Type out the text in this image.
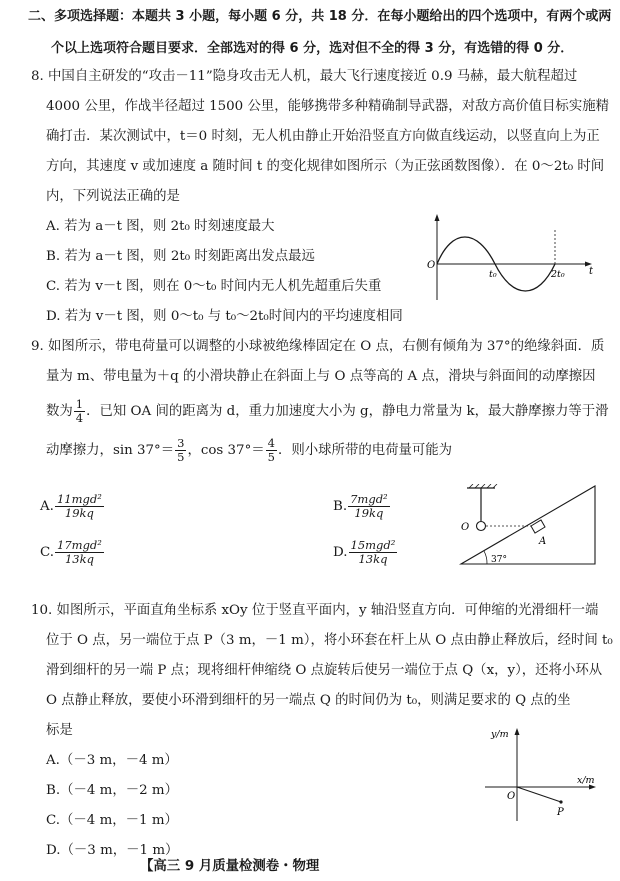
二、多项选择题：本题共 3 小题，每小题 6 分，共 18 分．在每小题给出的四个选项中，有两个或两
个以上选项符合题目要求．全部选对的得 6 分，选对但不全的得 3 分，有选错的得 0 分．
8. 中国自主研发的“攻击－11”隐身攻击无人机，最大飞行速度接近 0.9 马赫，最大航程超过
4000 公里，作战半径超过 1500 公里，能够携带多种精确制导武器，对敌方高价值目标实施精
确打击．某次测试中，t＝0 时刻，无人机由静止开始沿竖直方向做直线运动，以竖直向上为正
方向，其速度 v 或加速度 a 随时间 t 的变化规律如图所示（为正弦函数图像）．在 0～2t₀ 时间
内，下列说法正确的是
A. 若为 a－t 图，则 2t₀ 时刻速度最大
B. 若为 a－t 图，则 2t₀ 时刻距离出发点最远
C. 若为 v－t 图，则在 0～t₀ 时间内无人机先超重后失重
D. 若为 v－t 图，则 0～t₀ 与 t₀～2t₀时间内的平均速度相同
O
t₀	2t₀ t
9. 如图所示，带电荷量可以调整的小球被绝缘棒固定在 O 点，右侧有倾角为 37°的绝缘斜面．质
量为 m、带电量为＋q 的小滑块静止在斜面上与 O 点等高的 A 点，滑块与斜面间的动摩擦因
数为 $\frac{1}{4}$ ．已知 OA 间的距离为 d，重力加速度大小为 g，静电力常量为 k，最大静摩擦力等于滑
动摩擦力，$\sin 37^\circ= \frac{3}{5}$ ，$\cos 37^\circ= \frac{4}{5}$ ．则小球所带的电荷量可能为
A. $\frac{\text{11mgd²}}{19kq}$	B. $\frac{\text{7mgd²}}{19kq}$
C. $\frac{\text{17mgd²}}{13kq}$	D. $\frac{\text{15mgd²}}{13kq}$
O
A
37°
10. 如图所示，平面直角坐标系 xOy 位于竖直平面内，y 轴沿竖直方向．可伸缩的光滑细杆一端
位于 O 点，另一端位于点 P（3 m，－1 m），将小环套在杆上从 O 点由静止释放后，经时间 t₀
滑到细杆的另一端 P 点；现将细杆伸缩绕 O 点旋转后使另一端位于点 Q（x，y），还将小环从
O 点静止释放，要使小环滑到细杆的另一端点 Q 的时间仍为 t₀，则满足要求的 Q 点的坐
标是
A.（－3 m，－4 m）
B.（－4 m，－2 m）
C.（－4 m，－1 m）
D.（－3 m，－1 m）
y/m
x/m
O
P
【高三 9 月质量检测卷・物理
